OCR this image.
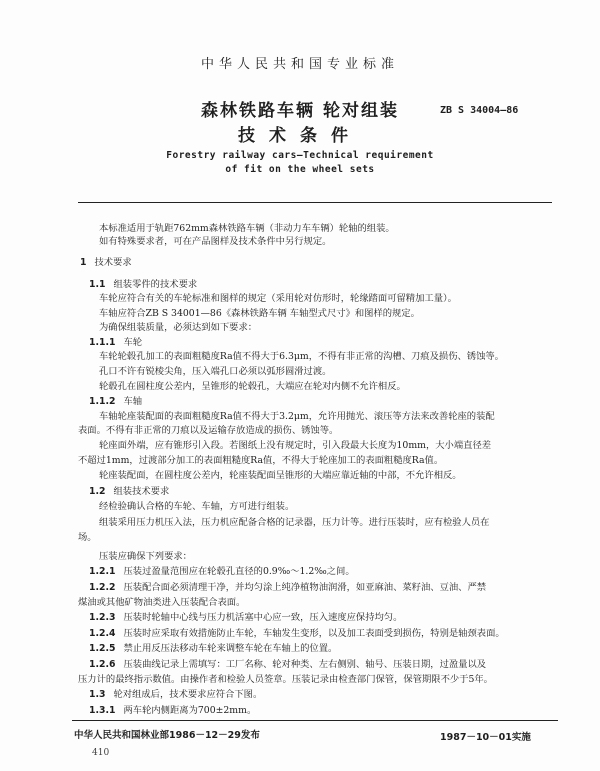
中华人民共和国专业标准
森林铁路车辆 轮对组装
技术条件
ZB S 34004—86
Forestry railway cars—Technical requirement
of fit on the wheel sets
本标准适用于轨距762mm森林铁路车辆（非动力车车辆）轮轴的组装。
如有特殊要求者，可在产品图样及技术条件中另行规定。
1 技术要求
1.1 组装零件的技术要求
车轮应符合有关的车轮标准和图样的规定（采用轮对仿形时，轮缘踏面可留精加工量）。
车轴应符合ZB S 34001—86《森林铁路车辆 车轴型式尺寸》和图样的规定。
为确保组装质量，必须达到如下要求：
1.1.1 车轮
车轮轮毂孔加工的表面粗糙度Ra值不得大于6.3μm，不得有非正常的沟槽、刀痕及损伤、锈蚀等。
孔口不许有锐棱尖角，压入端孔口必须以弧形圆滑过渡。
轮毂孔在圆柱度公差内，呈锥形的轮毂孔，大端应在轮对内侧不允许相反。
1.1.2 车轴
车轴轮座装配面的表面粗糙度Ra值不得大于3.2μm，允许用抛光、滚压等方法来改善轮座的装配
表面。不得有非正常的刀痕以及运输存放造成的损伤、锈蚀等。
轮座面外端，应有锥形引入段。若图纸上没有规定时，引入段最大长度为10mm，大小端直径差
不超过1mm，过渡部分加工的表面粗糙度Ra值，不得大于轮座加工的表面粗糙度Ra值。
轮座装配面，在圆柱度公差内，轮座装配面呈锥形的大端应靠近轴的中部，不允许相反。
1.2 组装技术要求
经检验确认合格的车轮、车轴，方可进行组装。
组装采用压力机压入法，压力机应配备合格的记录器，压力计等。进行压装时，应有检验人员在
场。
压装应确保下列要求：
1.2.1 压装过盈量范围应在轮毂孔直径的0.9‰～1.2‰之间。
1.2.2 压装配合面必须清理干净，并均匀涂上纯净植物油润滑，如亚麻油、菜籽油、豆油、严禁
煤油或其他矿物油类进入压装配合表面。
1.2.3 压装时轮轴中心线与压力机活塞中心应一致，压入速度应保持均匀。
1.2.4 压装时应采取有效措施防止车轮，车轴发生变形，以及加工表面受到损伤，特别是轴颈表面。
1.2.5 禁止用反压法移动车轮来调整车轮在车轴上的位置。
1.2.6 压装曲线记录上需填写：工厂名称、轮对种类、左右侧别、轴号、压装日期，过盈量以及
压力计的最终指示数值。由操作者和检验人员签章。压装记录由检查部门保管，保管期限不少于5年。
1.3 轮对组成后，技术要求应符合下图。
1.3.1 两车轮内侧距离为700±2mm。
中华人民共和国林业部1986－12－29发布	1987－10－01实施
410
